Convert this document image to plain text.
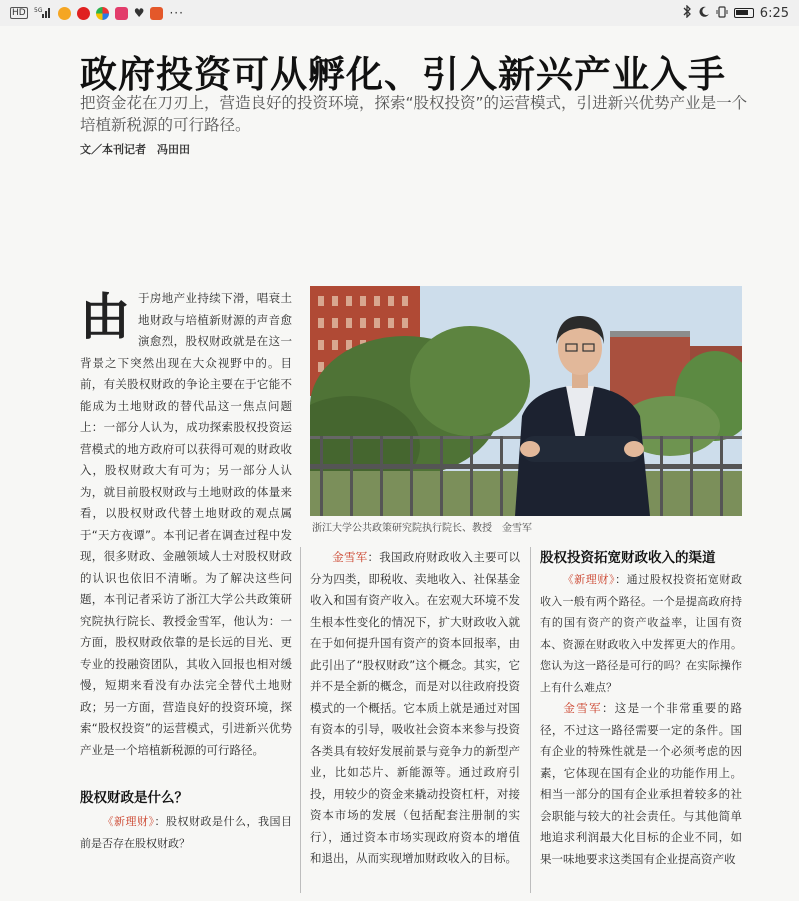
HD	5G	♥ ···	6:25
政府投资可从孵化、引入新兴产业入手
把资金花在刀刃上，营造良好的投资环境，探索“股权投资”的运营模式，引进新兴优势产业是一个培植新税源的可行路径。
文／本刊记者　冯田田
由 于房地产业持续下滑，唱衰土地财政与培植新财源的声音愈演愈烈，股权财政就是在这一背景之下突然出现在大众视野中的。目前，有关股权财政的争论主要在于它能不能成为土地财政的替代品这一焦点问题上：一部分人认为，成功探索股权投资运营模式的地方政府可以获得可观的财政收入，股权财政大有可为；另一部分人认为，就目前股权财政与土地财政的体量来看，以股权财政代替土地财政的观点属于“天方夜谭”。本刊记者在调查过程中发现，很多财政、金融领域人士对股权财政的认识也依旧不清晰。为了解决这些问题，本刊记者采访了浙江大学公共政策研究院执行院长、教授金雪军，他认为：一方面，股权财政依靠的是长远的目光、更专业的投融资团队，其收入回报也相对缓慢，短期来看没有办法完全替代土地财政；另一方面，营造良好的投资环境，探索“股权投资”的运营模式，引进新兴优势产业是一个培植新税源的可行路径。
股权财政是什么？

《新理财》：股权财政是什么，我国目前是否存在股权财政？

浙江大学公共政策研究院执行院长、教授　金雪军

金雪军：我国政府财政收入主要可以分为四类，即税收、卖地收入、社保基金收入和国有资产收入。在宏观大环境不发生根本性变化的情况下，扩大财政收入就在于如何提升国有资产的资本回报率，由此引出了“股权财政”这个概念。其实，它并不是全新的概念，而是对以往政府投资模式的一个概括。它本质上就是通过对国有资本的引导，吸收社会资本来参与投资各类具有较好发展前景与竞争力的新型产业，比如芯片、新能源等。通过政府引投，用较少的资金来撬动投资杠杆，对接资本市场的发展（包括配套注册制的实行），通过资本市场实现政府资本的增值和退出，从而实现增加财政收入的目标。

股权投资拓宽财政收入的渠道

《新理财》：通过股权投资拓宽财政收入一般有两个路径。一个是提高政府持有的国有资产的资产收益率，让国有资本、资源在财政收入中发挥更大的作用。您认为这一路径是可行的吗？在实际操作上有什么难点？

金雪军：这是一个非常重要的路径，不过这一路径需要一定的条件。国有企业的特殊性就是一个必须考虑的因素，它体现在国有企业的功能作用上。相当一部分的国有企业承担着较多的社会职能与较大的社会责任。与其他简单地追求利润最大化目标的企业不同，如果一味地要求这类国有企业提高资产收
